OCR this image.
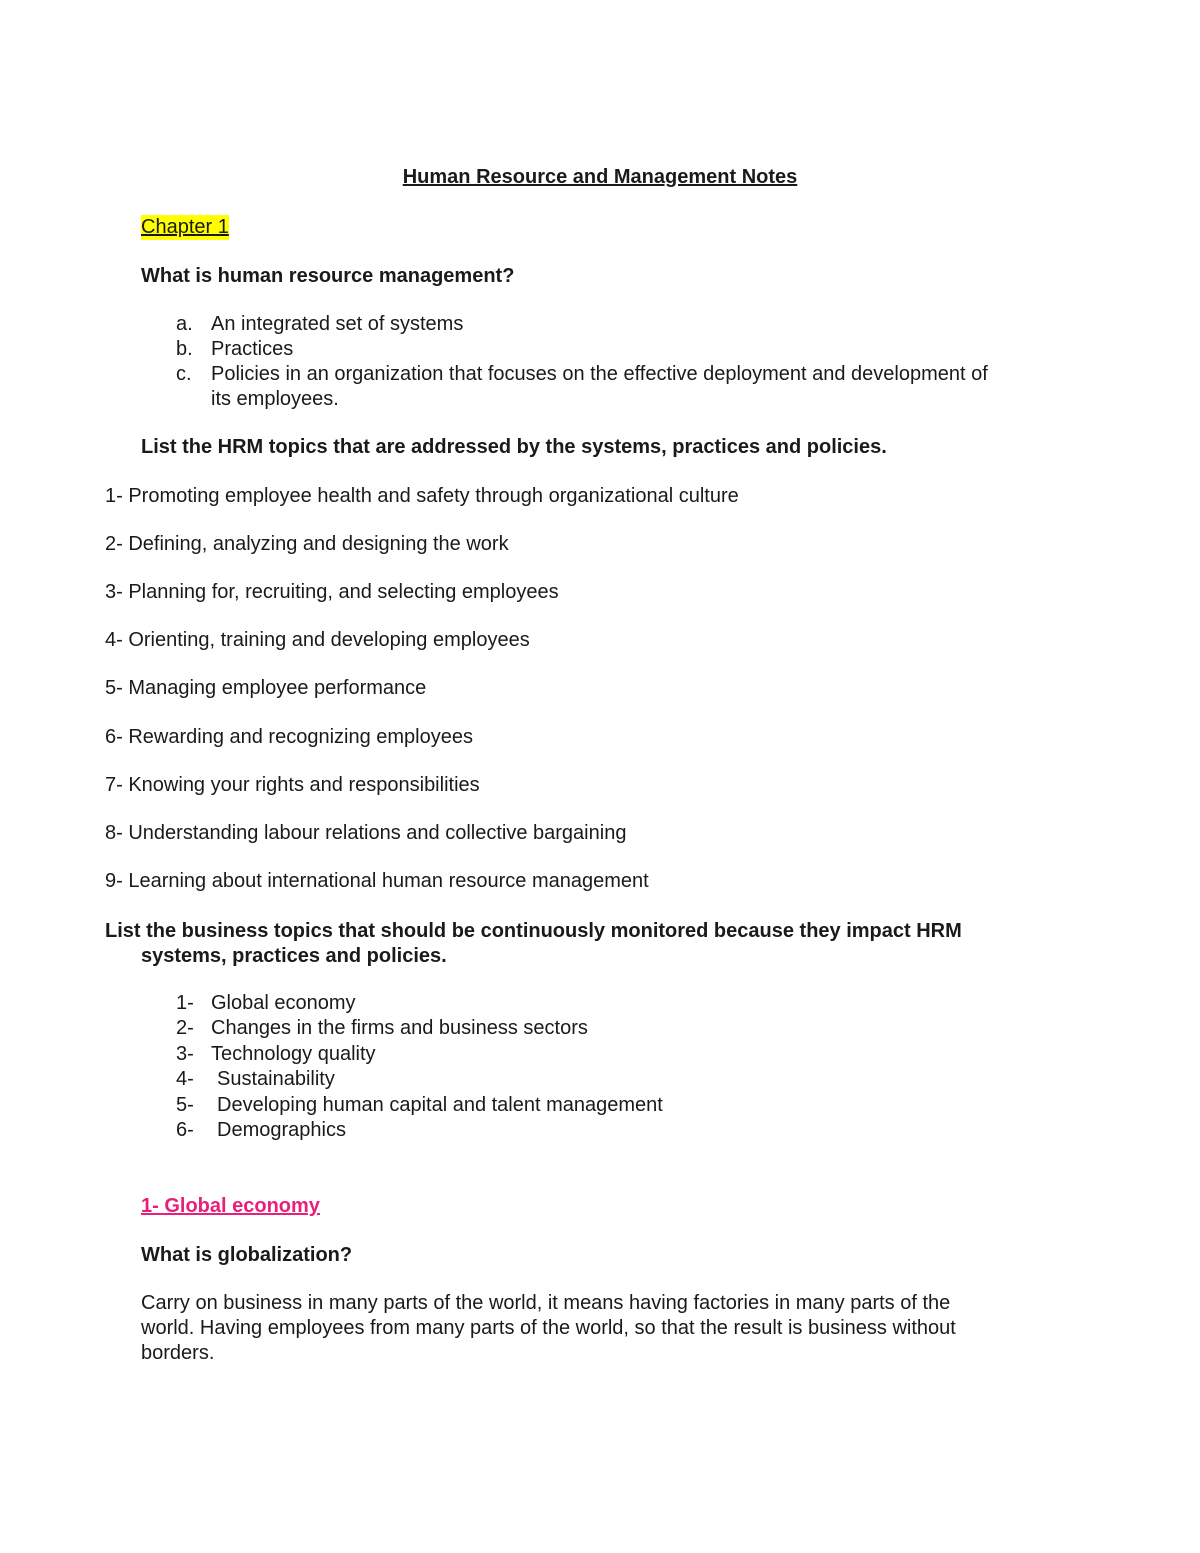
Human Resource and Management Notes
Chapter 1
What is human resource management?
a. An integrated set of systems
b. Practices
c. Policies in an organization that focuses on the effective deployment and development of
its employees.
List the HRM topics that are addressed by the systems, practices and policies.
1- Promoting employee health and safety through organizational culture
2- Defining, analyzing and designing the work
3- Planning for, recruiting, and selecting employees
4- Orienting, training and developing employees
5- Managing employee performance
6- Rewarding and recognizing employees
7- Knowing your rights and responsibilities
8- Understanding labour relations and collective bargaining
9- Learning about international human resource management
List the business topics that should be continuously monitored because they impact HRM
systems, practices and policies.
1- Global economy
2- Changes in the firms and business sectors
3- Technology quality
4- Sustainability
5- Developing human capital and talent management
6- Demographics
1- Global economy
What is globalization?
Carry on business in many parts of the world, it means having factories in many parts of the
world. Having employees from many parts of the world, so that the result is business without
borders.
